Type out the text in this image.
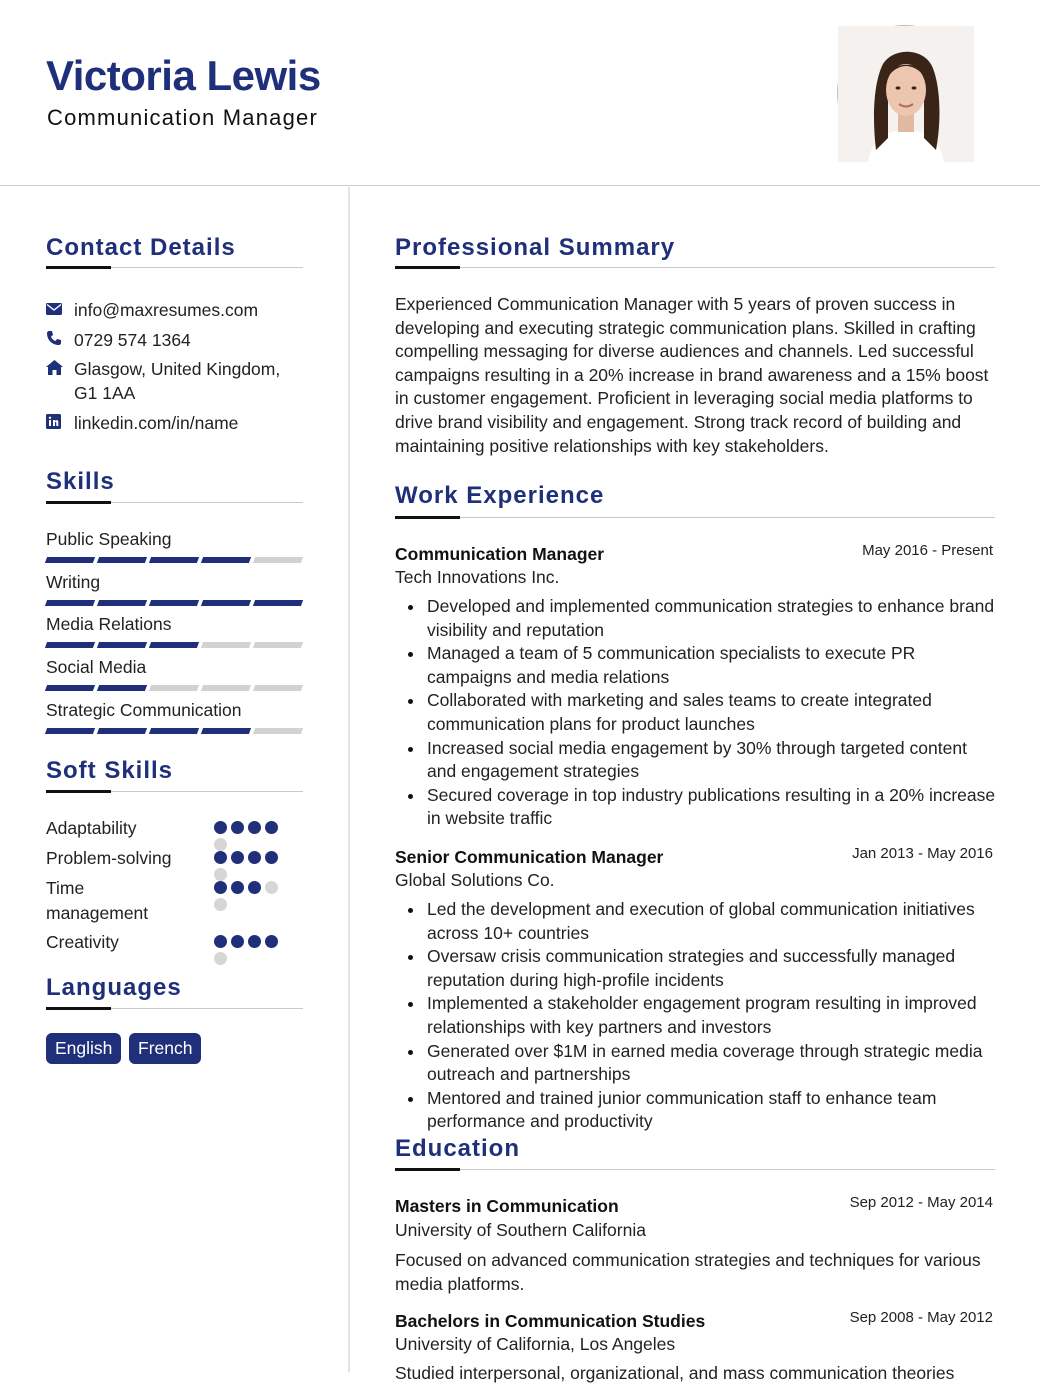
Victoria Lewis
Communication Manager
Contact Details
info@maxresumes.com
0729 574 1364
Glasgow, United Kingdom,
G1 1AA
linkedin.com/in/name
Skills
Public Speaking
Writing
Media Relations
Social Media
Strategic Communication
Soft Skills
Adaptability
Problem-solving
Time management
Creativity
Languages
English	French
Professional Summary
Experienced Communication Manager with 5 years of proven success in developing and executing strategic communication plans. Skilled in crafting compelling messaging for diverse audiences and channels. Led successful campaigns resulting in a 20% increase in brand awareness and a 15% boost in customer engagement. Proficient in leveraging social media platforms to drive brand visibility and engagement. Strong track record of building and maintaining positive relationships with key stakeholders.
Work Experience
Communication Manager	May 2016 - Present
Tech Innovations Inc.
Developed and implemented communication strategies to enhance brand visibility and reputation
Managed a team of 5 communication specialists to execute PR campaigns and media relations
Collaborated with marketing and sales teams to create integrated communication plans for product launches
Increased social media engagement by 30% through targeted content and engagement strategies
Secured coverage in top industry publications resulting in a 20% increase in website traffic
Senior Communication Manager	Jan 2013 - May 2016
Global Solutions Co.
Led the development and execution of global communication initiatives across 10+ countries
Oversaw crisis communication strategies and successfully managed reputation during high-profile incidents
Implemented a stakeholder engagement program resulting in improved relationships with key partners and investors
Generated over $1M in earned media coverage through strategic media outreach and partnerships
Mentored and trained junior communication staff to enhance team performance and productivity
Education
Masters in Communication	Sep 2012 - May 2014
University of Southern California
Focused on advanced communication strategies and techniques for various media platforms.
Bachelors in Communication Studies	Sep 2008 - May 2012
University of California, Los Angeles
Studied interpersonal, organizational, and mass communication theories
